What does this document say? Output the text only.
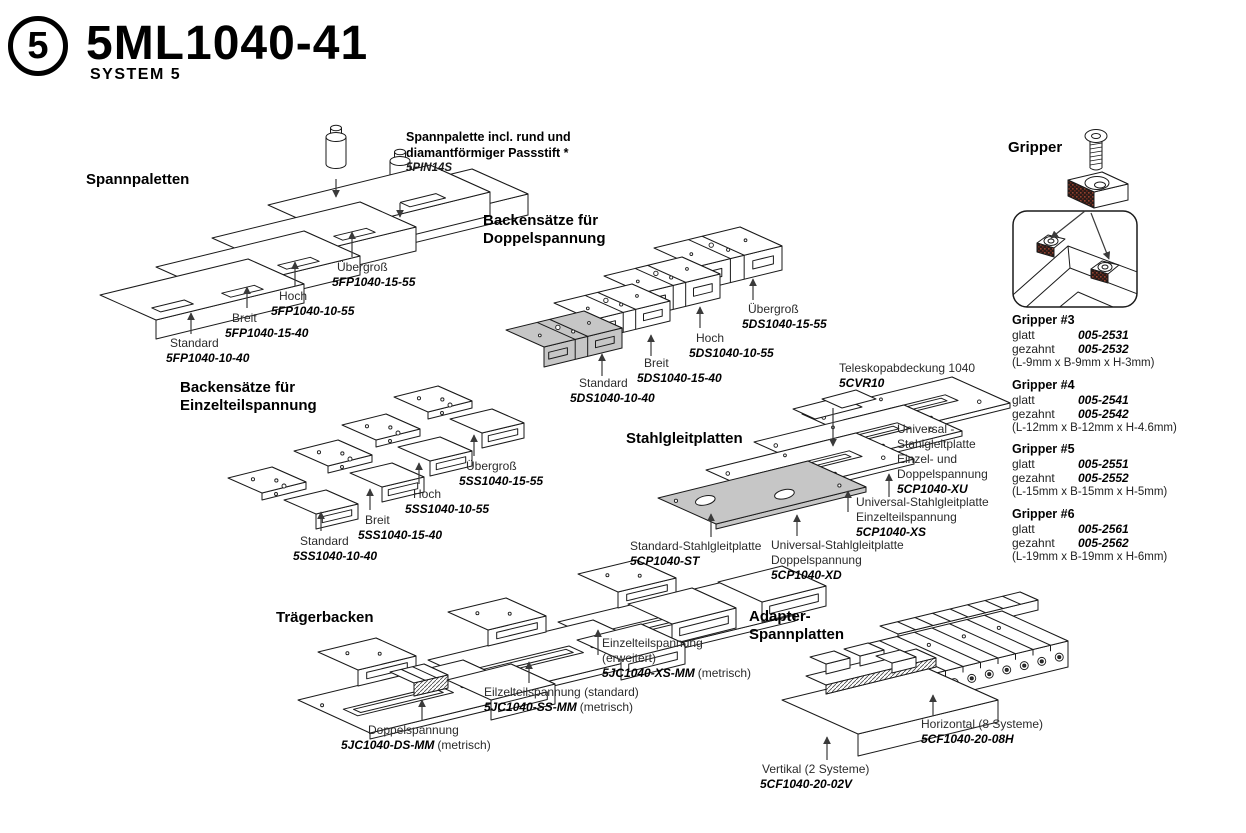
5 5ML1040-41
SYSTEM 5
Spannpaletten
Backensätze für
Doppelspannung
Backensätze für
Einzelteilspannung
Stahlgleitplatten
Trägerbacken	Adapter-
Spannplatten
Gripper
Spannpalette incl. rund und
diamantförmiger Passstift *
5PIN14S
Standard
5FP1040-10-40
Breit
5FP1040-15-40
Hoch
5FP1040-10-55
Übergroß
5FP1040-15-55
Standard
5DS1040-10-40
Breit
5DS1040-15-40
Hoch
5DS1040-10-55
Übergroß
5DS1040-15-55
Standard
5SS1040-10-40
Breit
5SS1040-15-40
Hoch
5SS1040-10-55
Übergroß
5SS1040-15-55
Teleskopabdeckung 1040
5CVR10
Universal -
Stahlgleitplatte
Einzel- und
Doppelspannung
5CP1040-XU
Universal-Stahlgleitplatte
Einzelteilspannung
5CP1040-XS
Universal-Stahlgleitplatte
Doppelspannung
5CP1040-XD
Standard-Stahlgleitplatte
5CP1040-ST
Doppelspannung
5JC1040-DS-MM (metrisch)
Eilzelteilspannung (standard)
5JC1040-SS-MM (metrisch)
Einzelteilspannung
(erweitert)
5JC1040-XS-MM (metrisch)
Vertikal (2 Systeme)
5CF1040-20-02V
Horizontal (8 Systeme)
5CF1040-20-08H
Gripper #3
glatt	005-2531
gezahnt 005-2532
(L-9mm x B-9mm x H-3mm)
Gripper #4
glatt	005-2541
gezahnt 005-2542
(L-12mm x B-12mm x H-4.6mm)
Gripper #5
glatt	005-2551
gezahnt 005-2552
(L-15mm x B-15mm x H-5mm)
Gripper #6
glatt	005-2561
gezahnt 005-2562
(L-19mm x B-19mm x H-6mm)
